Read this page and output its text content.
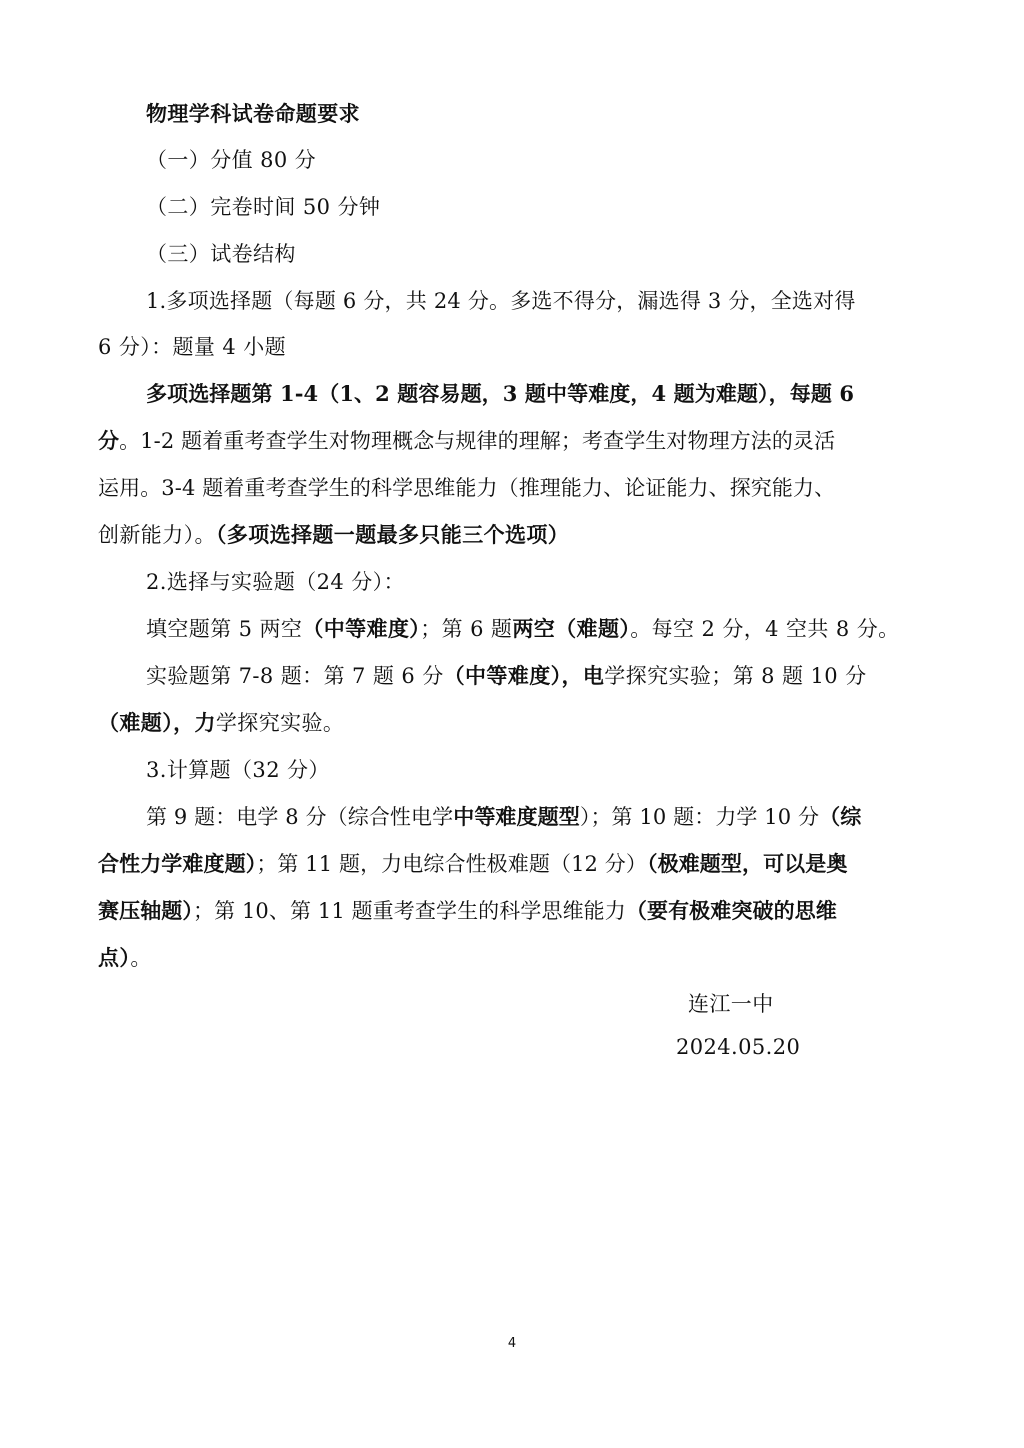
物理学科试卷命题要求
（一）分值 80 分
（二）完卷时间 50 分钟
（三）试卷结构
1.多项选择题（每题 6 分，共 24 分。多选不得分，漏选得 3 分，全选对得
6 分）：题量 4 小题
多项选择题第 1-4（1、2 题容易题，3 题中等难度，4 题为难题），每题 6
分。1-2 题着重考查学生对物理概念与规律的理解；考查学生对物理方法的灵活
运用。3-4 题着重考查学生的科学思维能力（推理能力、论证能力、探究能力、
创新能力）。（多项选择题一题最多只能三个选项）
2.选择与实验题（24 分）：
填空题第 5 两空（中等难度）；第 6 题两空（难题）。每空 2 分，4 空共 8 分。
实验题第 7-8 题：第 7 题 6 分（中等难度），电学探究实验；第 8 题 10 分
（难题），力学探究实验。
3.计算题（32 分）
第 9 题：电学 8 分（综合性电学中等难度题型）；第 10 题：力学 10 分（综
合性力学难度题）；第 11 题，力电综合性极难题（12 分）（极难题型，可以是奥
赛压轴题）；第 10、第 11 题重考查学生的科学思维能力（要有极难突破的思维
点）。
连江一中
2024.05.20
4
